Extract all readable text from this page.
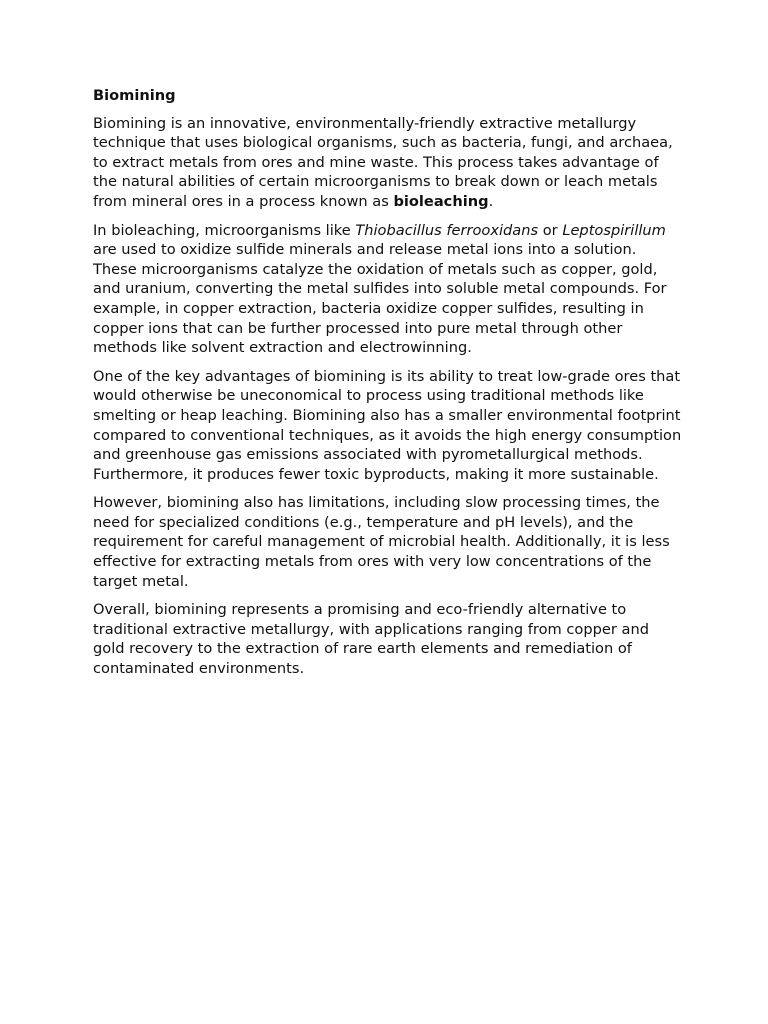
Biomining

Biomining is an innovative, environmentally-friendly extractive metallurgy technique that uses biological organisms, such as bacteria, fungi, and archaea, to extract metals from ores and mine waste. This process takes advantage of the natural abilities of certain microorganisms to break down or leach metals from mineral ores in a process known as bioleaching.

In bioleaching, microorganisms like Thiobacillus ferrooxidans or Leptospirillum are used to oxidize sulfide minerals and release metal ions into a solution. These microorganisms catalyze the oxidation of metals such as copper, gold, and uranium, converting the metal sulfides into soluble metal compounds. For example, in copper extraction, bacteria oxidize copper sulfides, resulting in copper ions that can be further processed into pure metal through other methods like solvent extraction and electrowinning.

One of the key advantages of biomining is its ability to treat low-grade ores that would otherwise be uneconomical to process using traditional methods like smelting or heap leaching. Biomining also has a smaller environmental footprint compared to conventional techniques, as it avoids the high energy consumption and greenhouse gas emissions associated with pyrometallurgical methods. Furthermore, it produces fewer toxic byproducts, making it more sustainable.

However, biomining also has limitations, including slow processing times, the need for specialized conditions (e.g., temperature and pH levels), and the requirement for careful management of microbial health. Additionally, it is less effective for extracting metals from ores with very low concentrations of the target metal.

Overall, biomining represents a promising and eco-friendly alternative to traditional extractive metallurgy, with applications ranging from copper and gold recovery to the extraction of rare earth elements and remediation of contaminated environments.
